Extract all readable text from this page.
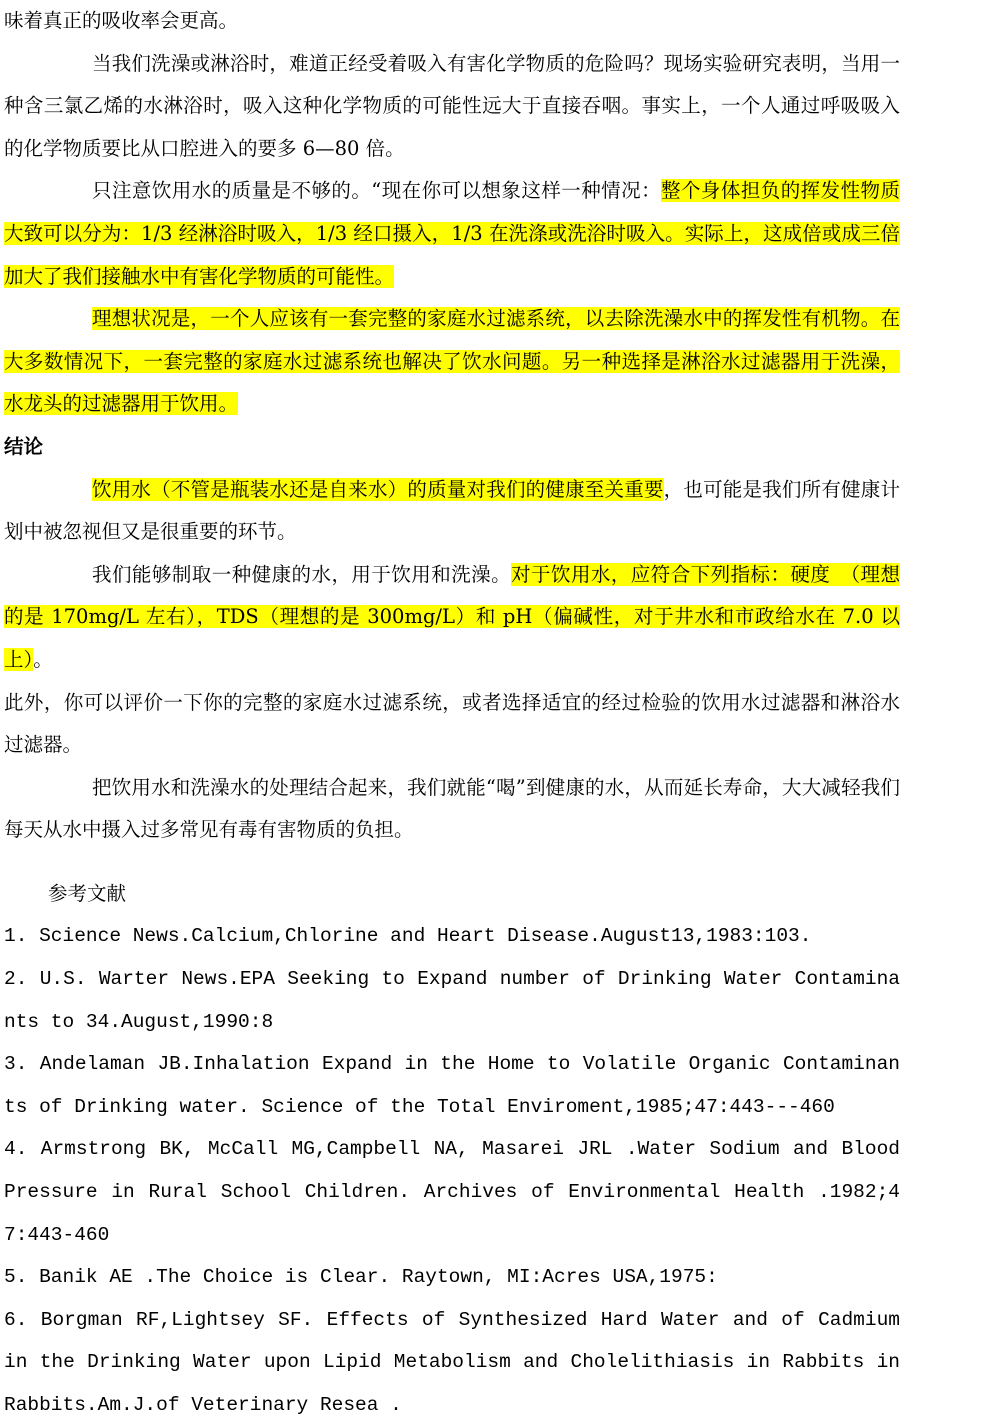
味着真正的吸收率会更高。

当我们洗澡或淋浴时，难道正经受着吸入有害化学物质的危险吗？现场实验研究表明，当用一种含三氯乙烯的水淋浴时，吸入这种化学物质的可能性远大于直接吞咽。事实上，一个人通过呼吸吸入的化学物质要比从口腔进入的要多 6—80 倍。

只注意饮用水的质量是不够的。“现在你可以想象这样一种情况：整个身体担负的挥发性物质大致可以分为：1/3 经淋浴时吸入，1/3 经口摄入，1/3 在洗涤或洗浴时吸入。实际上，这成倍或成三倍加大了我们接触水中有害化学物质的可能性。

理想状况是，一个人应该有一套完整的家庭水过滤系统，以去除洗澡水中的挥发性有机物。在大多数情况下，一套完整的家庭水过滤系统也解决了饮水问题。另一种选择是淋浴水过滤器用于洗澡，水龙头的过滤器用于饮用。

结论

饮用水（不管是瓶装水还是自来水）的质量对我们的健康至关重要，也可能是我们所有健康计划中被忽视但又是很重要的环节。

我们能够制取一种健康的水，用于饮用和洗澡。对于饮用水，应符合下列指标：硬度　（理想的是 170mg/L 左右），TDS（理想的是 300mg/L）和 pH（偏碱性，对于井水和市政给水在 7.0 以上）。

此外，你可以评价一下你的完整的家庭水过滤系统，或者选择适宜的经过检验的饮用水过滤器和淋浴水过滤器。

把饮用水和洗澡水的处理结合起来，我们就能“喝”到健康的水，从而延长寿命，大大减轻我们每天从水中摄入过多常见有毒有害物质的负担。

参考文献

1. Science News.Calcium,Chlorine and Heart Disease.August13,1983:103.

2. U.S. Warter News.EPA Seeking to Expand number of Drinking Water Contaminants to 34.August,1990:8

3. Andelaman JB.Inhalation Expand in the Home to Volatile Organic Contaminants of Drinking water. Science of the Total Enviroment,1985;47:443---460

4. Armstrong BK, McCall MG,Campbell NA, Masarei JRL .Water Sodium and Blood Pressure in Rural School Children. Archives of Environmental Health .1982;47:443-460

5. Banik AE .The Choice is Clear. Raytown, MI:Acres USA,1975:

6. Borgman RF,Lightsey SF. Effects of Synthesized Hard Water and of Cadmium in the Drinking Water upon Lipid Metabolism and Cholelithiasis in Rabbits in Rabbits.Am.J.of Veterinary Resea .
